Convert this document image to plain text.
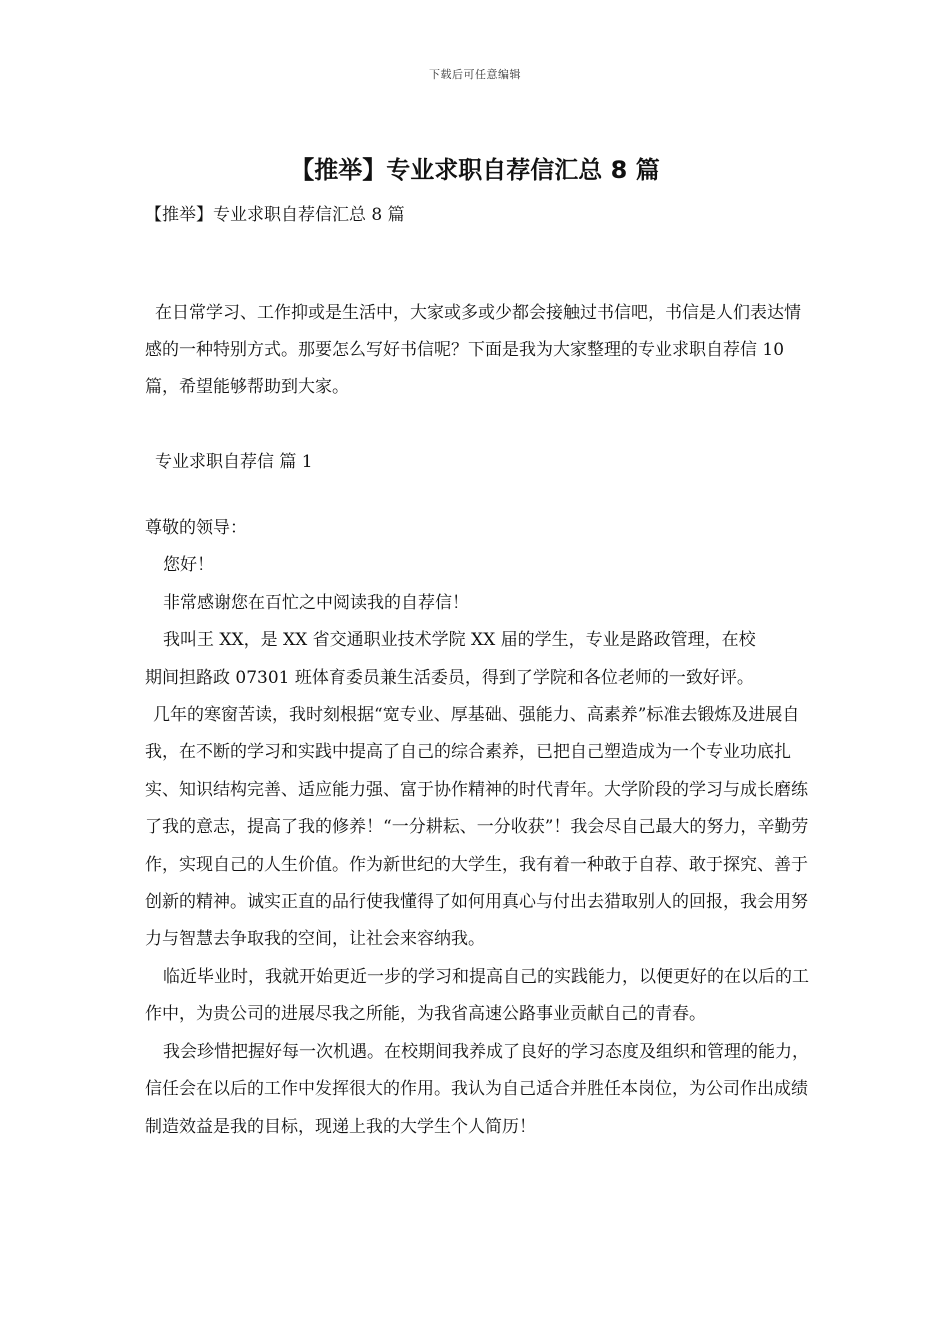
下载后可任意编辑
【推举】专业求职自荐信汇总 8 篇
【推举】专业求职自荐信汇总 8 篇

在日常学习、工作抑或是生活中，大家或多或少都会接触过书信吧，书信是人们表达情感的一种特别方式。那要怎么写好书信呢？下面是我为大家整理的专业求职自荐信 10 篇，希望能够帮助到大家。

专业求职自荐信 篇 1

尊敬的领导：

您好！

非常感谢您在百忙之中阅读我的自荐信！

我叫王 XX，是 XX 省交通职业技术学院 XX 届的学生，专业是路政管理，在校

期间担路政 07301 班体育委员兼生活委员，得到了学院和各位老师的一致好评。

几年的寒窗苦读，我时刻根据“宽专业、厚基础、强能力、高素养”标准去锻炼及进展自我，在不断的学习和实践中提高了自己的综合素养，已把自己塑造成为一个专业功底扎实、知识结构完善、适应能力强、富于协作精神的时代青年。大学阶段的学习与成长磨练了我的意志，提高了我的修养！“一分耕耘、一分收获”！我会尽自己最大的努力，辛勤劳作，实现自己的人生价值。作为新世纪的大学生，我有着一种敢于自荐、敢于探究、善于创新的精神。诚实正直的品行使我懂得了如何用真心与付出去猎取别人的回报，我会用努力与智慧去争取我的空间，让社会来容纳我。

临近毕业时，我就开始更近一步的学习和提高自己的实践能力，以便更好的在以后的工作中，为贵公司的进展尽我之所能，为我省高速公路事业贡献自己的青春。

我会珍惜把握好每一次机遇。在校期间我养成了良好的学习态度及组织和管理的能力，信任会在以后的工作中发挥很大的作用。我认为自己适合并胜任本岗位，为公司作出成绩制造效益是我的目标，现递上我的大学生个人简历！
